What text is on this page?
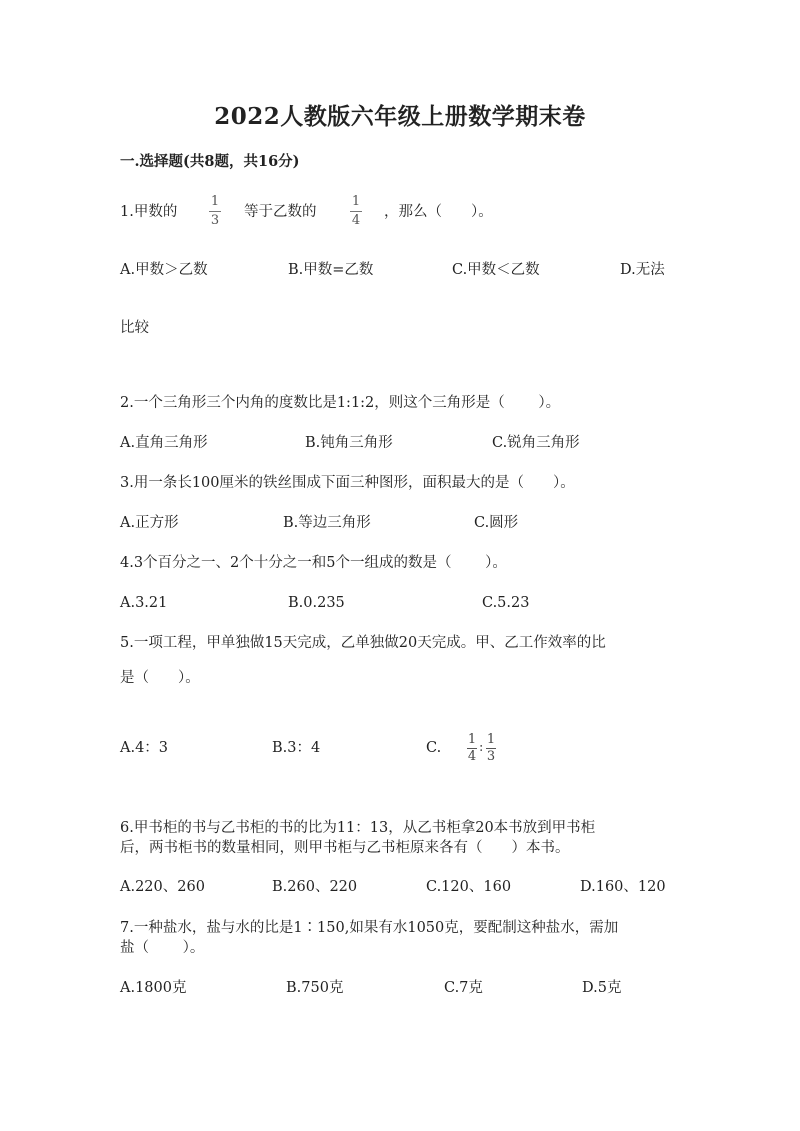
2022人教版六年级上册数学期末卷
一.选择题(共8题，共16分)
1.甲数的
1
3
等于乙数的
1
4
，那么（　　）。
A.甲数＞乙数	B.甲数=乙数	C.甲数＜乙数	D.无法
比较
2.一个三角形三个内角的度数比是1:1:2，则这个三角形是（　　 ）。
A.直角三角形	B.钝角三角形	C.锐角三角形
3.用一条长100厘米的铁丝围成下面三种图形，面积最大的是（　　）。
A.正方形	B.等边三角形	C.圆形
4.3个百分之一、2个十分之一和5个一组成的数是（　　 ）。
A.3.21	B.0.235	C.5.23
5.一项工程，甲单独做15天完成，乙单独做20天完成。甲、乙工作效率的比
是（　　）。
A.4：3	B.3：4	C.
1
4
:
1
3
6.甲书柜的书与乙书柜的书的比为11：13，从乙书柜拿20本书放到甲书柜
后，两书柜书的数量相同，则甲书柜与乙书柜原来各有（　　）本书。
A.220、260	B.260、220	C.120、160	D.160、120
7.一种盐水，盐与水的比是1∶150,如果有水1050克，要配制这种盐水，需加
盐（　　 ）。
A.1800克	B.750克	C.7克	D.5克
